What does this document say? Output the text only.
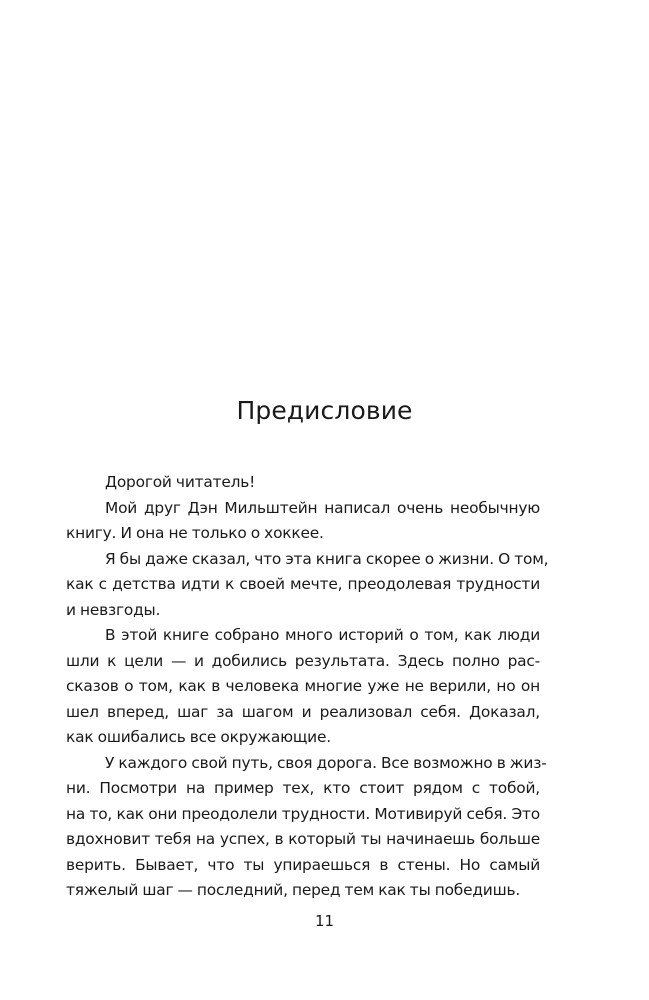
Предисловие

Дорогой читатель!

Мой друг Дэн Мильштейн написал очень необычную
книгу. И она не только о хоккее.

Я бы даже сказал, что эта книга скорее о жизни. О том,
как с детства идти к своей мечте, преодолевая трудности
и невзгоды.

В этой книге собрано много историй о том, как люди
шли к цели — и добились результата. Здесь полно рас-
сказов о том, как в человека многие уже не верили, но он
шел вперед, шаг за шагом и реализовал себя. Доказал,
как ошибались все окружающие.

У каждого свой путь, своя дорога. Все возможно в жиз-
ни. Посмотри на пример тех, кто стоит рядом с тобой,
на то, как они преодолели трудности. Мотивируй себя. Это
вдохновит тебя на успех, в который ты начинаешь больше
верить. Бывает, что ты упираешься в стены. Но самый
тяжелый шаг — последний, перед тем как ты победишь.

11
